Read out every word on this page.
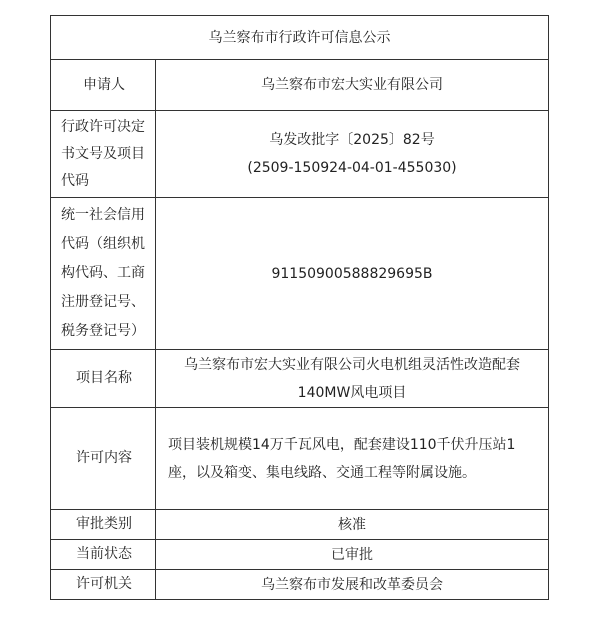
乌兰察布市行政许可信息公示	
申请人	乌兰察布市宏大实业有限公司
行政许可决定书文号及项目代码	乌发改批字〔2025〕82号
(2509-150924-04-01-455030)

统一社会信用代码（组织机构代码、工商注册登记号、税务登记号）	91150900588829695B
项目名称	乌兰察布市宏大实业有限公司火电机组灵活性改造配套
140MW风电项目

许可内容	项目装机规模14万千瓦风电，配套建设110千伏升压站1座，以及箱变、集电线路、交通工程等附属设施。
审批类别	核准
当前状态	已审批
许可机关	乌兰察布市发展和改革委员会
